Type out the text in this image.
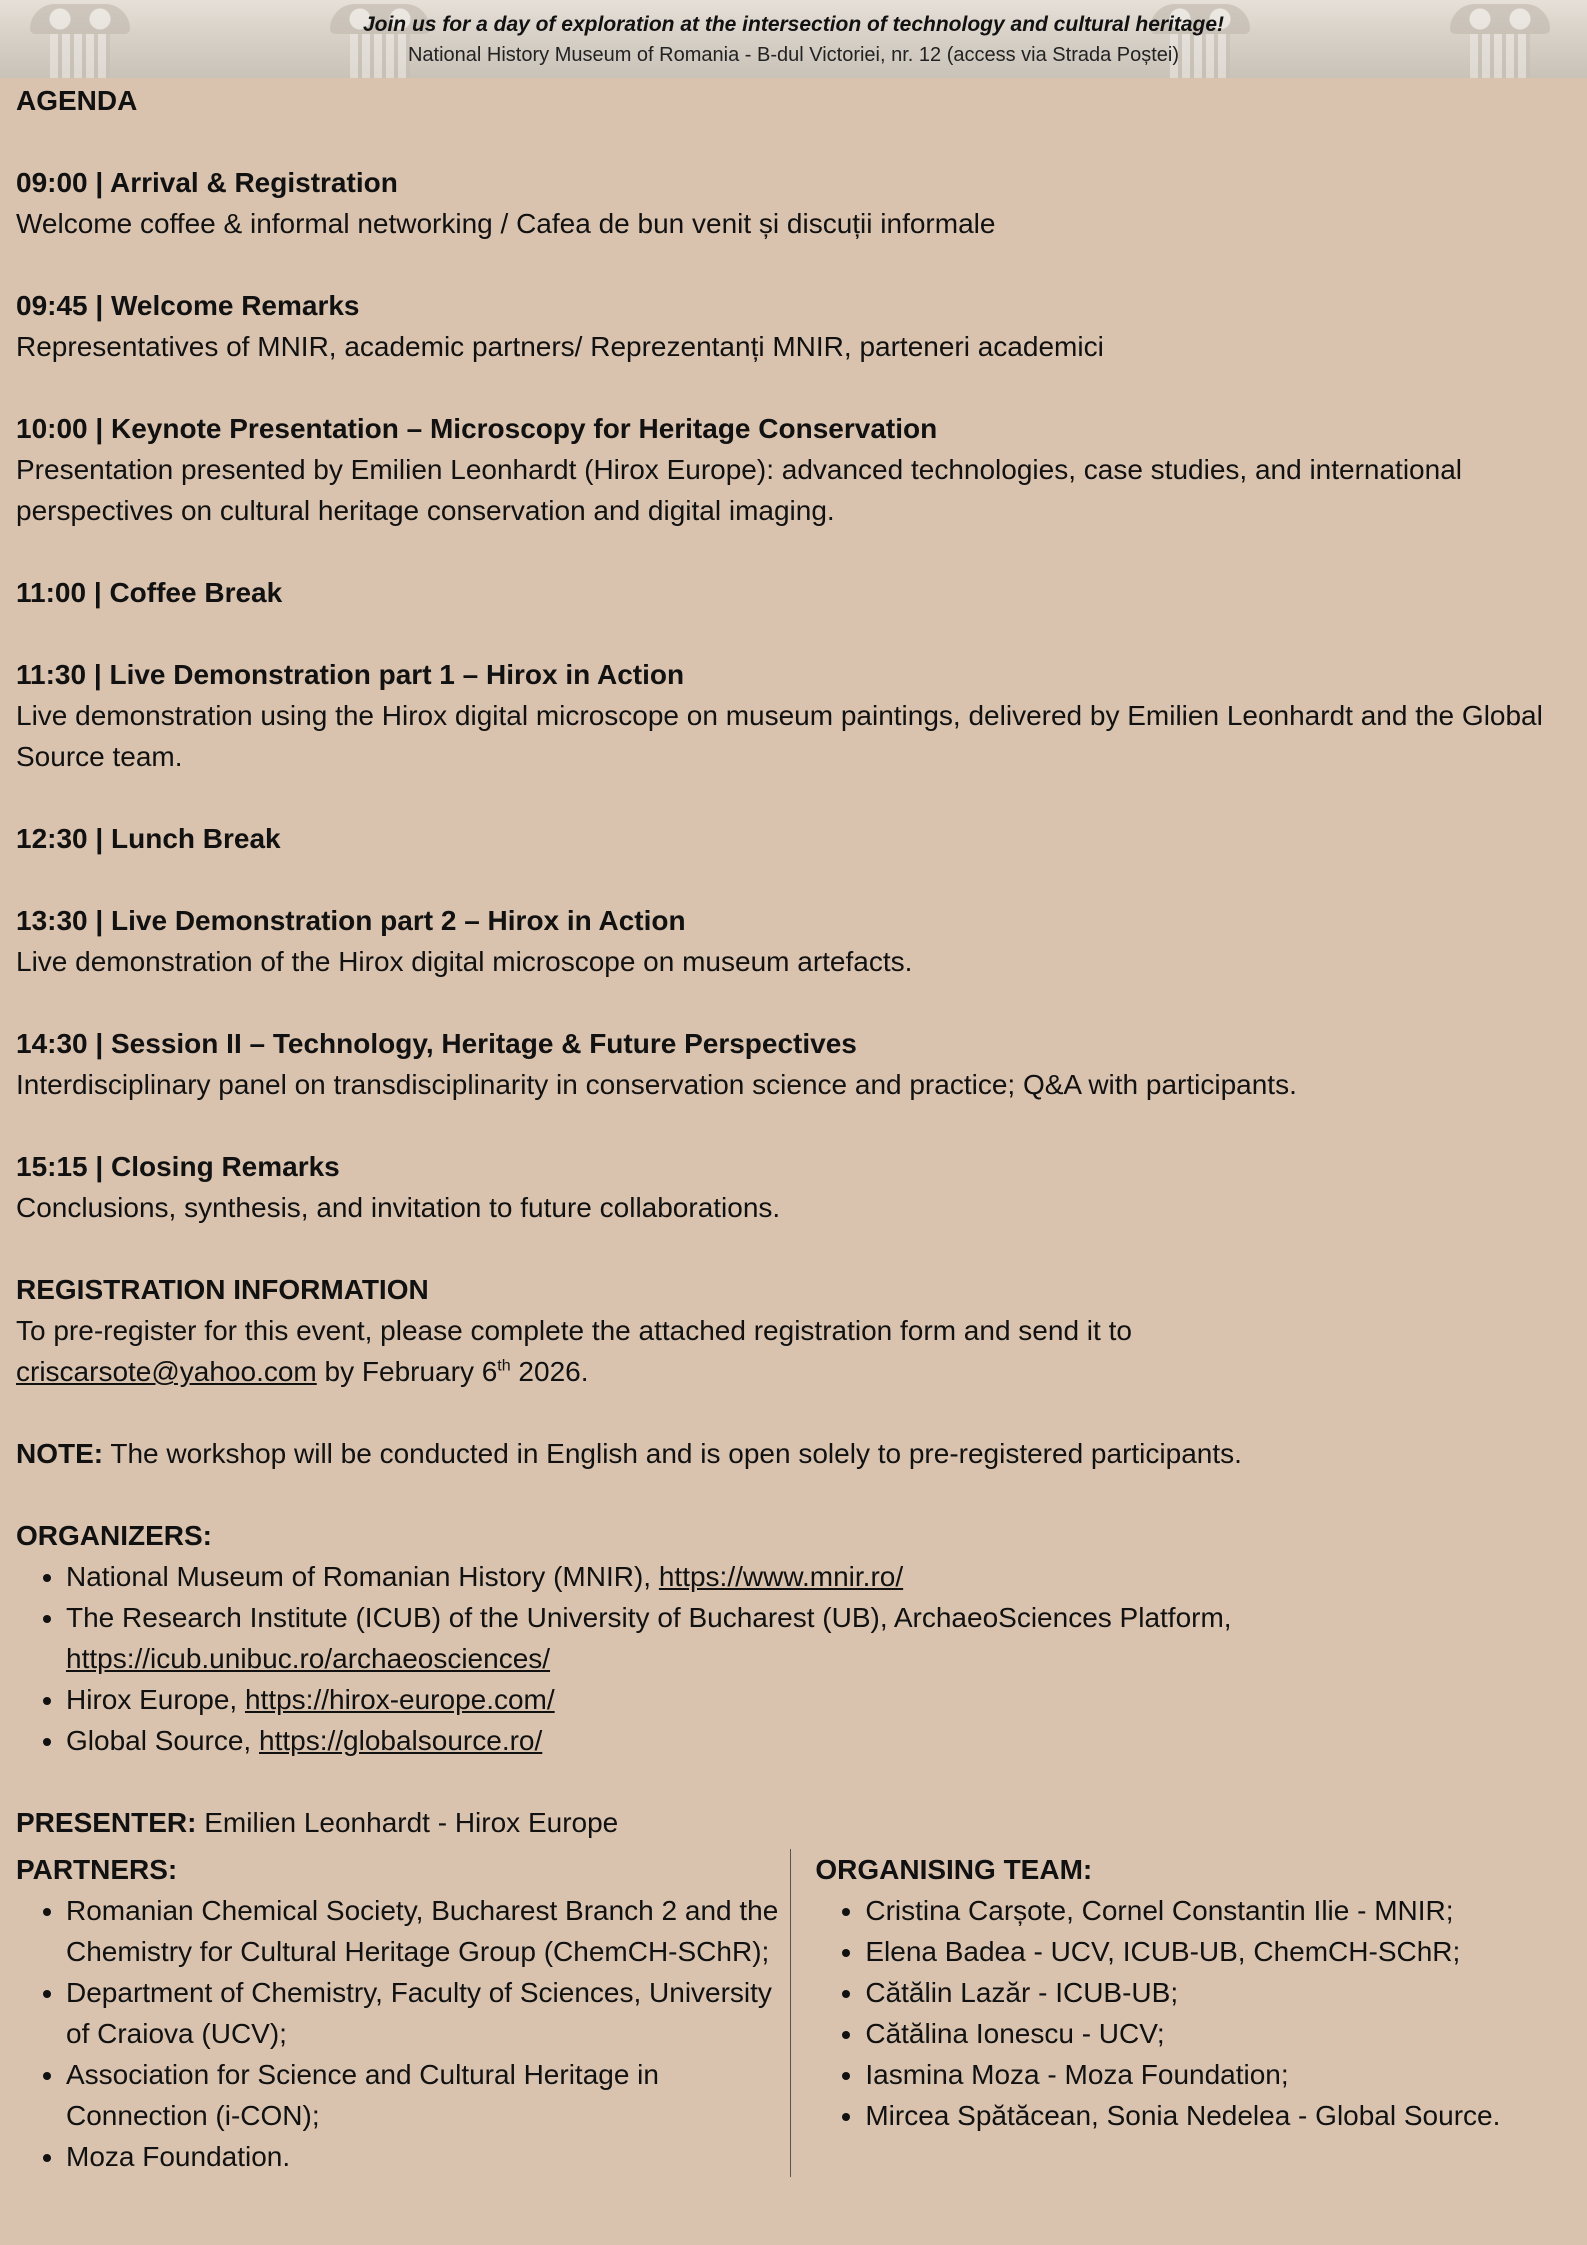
Join us for a day of exploration at the intersection of technology and cultural heritage!
National History Museum of Romania - B-dul Victoriei, nr. 12 (access via Strada Poștei)
AGENDA
09:00 | Arrival & Registration
Welcome coffee & informal networking / Cafea de bun venit și discuții informale
09:45 | Welcome Remarks
Representatives of MNIR, academic partners/ Reprezentanți MNIR, parteneri academici
10:00 | Keynote Presentation – Microscopy for Heritage Conservation
Presentation presented by Emilien Leonhardt (Hirox Europe): advanced technologies, case studies, and international perspectives on cultural heritage conservation and digital imaging.
11:00 | Coffee Break
11:30 | Live Demonstration part 1 – Hirox in Action
Live demonstration using the Hirox digital microscope on museum paintings, delivered by Emilien Leonhardt and the Global Source team.
12:30 | Lunch Break
13:30 | Live Demonstration part 2 – Hirox in Action
Live demonstration of the Hirox digital microscope on museum artefacts.
14:30 | Session II – Technology, Heritage & Future Perspectives
Interdisciplinary panel on transdisciplinarity in conservation science and practice; Q&A with participants.
15:15 | Closing Remarks
Conclusions, synthesis, and invitation to future collaborations.
REGISTRATION INFORMATION
To pre-register for this event, please complete the attached registration form and send it to
criscarsote@yahoo.com by February 6th 2026.
NOTE: The workshop will be conducted in English and is open solely to pre-registered participants.
ORGANIZERS:
• National Museum of Romanian History (MNIR), https://www.mnir.ro/
• The Research Institute (ICUB) of the University of Bucharest (UB), ArchaeoSciences Platform, https://icub.unibuc.ro/archaeosciences/
• Hirox Europe, https://hirox-europe.com/
• Global Source, https://globalsource.ro/
PRESENTER: Emilien Leonhardt - Hirox Europe
PARTNERS:
• Romanian Chemical Society, Bucharest Branch 2 and the Chemistry for Cultural Heritage Group (ChemCH-SChR);
• Department of Chemistry, Faculty of Sciences, University of Craiova (UCV);
• Association for Science and Cultural Heritage in Connection (i-CON);
• Moza Foundation.
ORGANISING TEAM:
• Cristina Carșote, Cornel Constantin Ilie - MNIR;
• Elena Badea - UCV, ICUB-UB, ChemCH-SChR;
• Cătălin Lazăr - ICUB-UB;
• Cătălina Ionescu - UCV;
• Iasmina Moza - Moza Foundation;
• Mircea Spătăcean, Sonia Nedelea - Global Source.
